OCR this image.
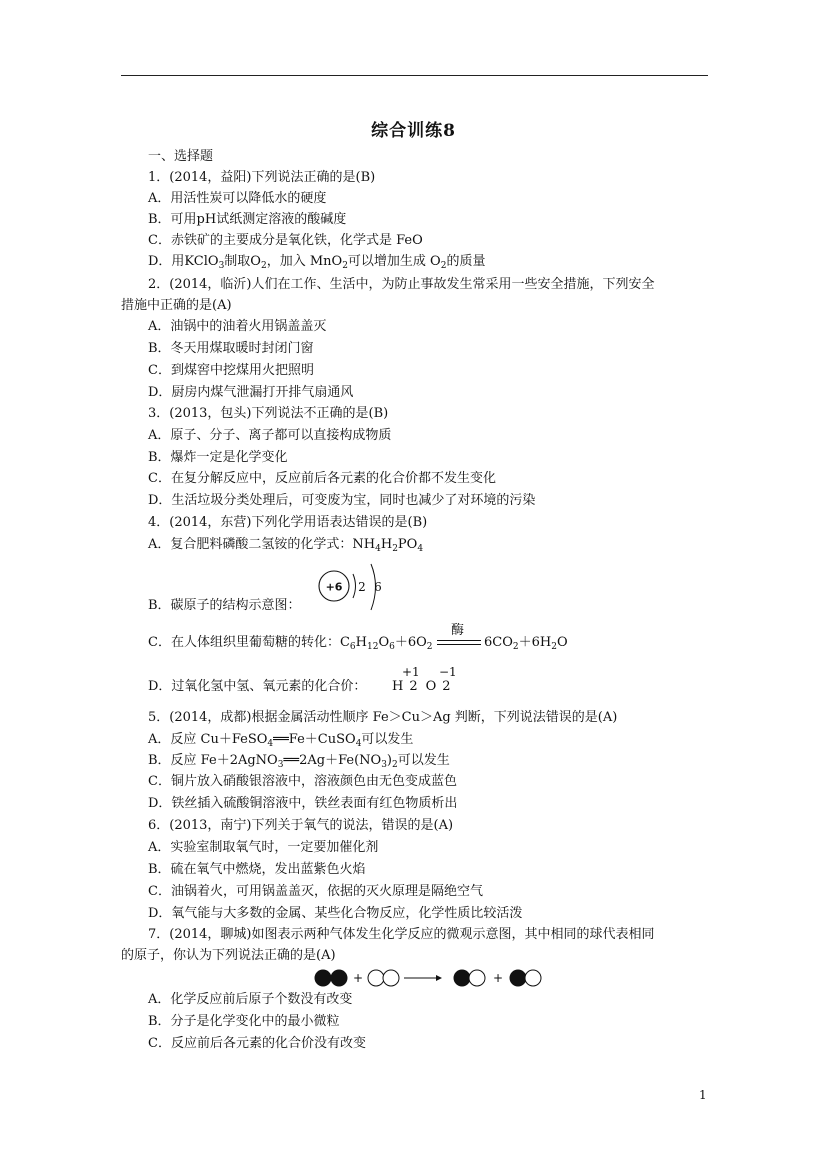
综合训练8
一、选择题
1．(2014，益阳)下列说法正确的是(B)
A．用活性炭可以降低水的硬度
B．可用pH试纸测定溶液的酸碱度
C．赤铁矿的主要成分是氧化铁，化学式是 FeO
D．用KClO$_3$制取$O_2$，加入 MnO$_2$可以增加生成 $O_2$的质量
2．(2014，临沂)人们在工作、生活中，为防止事故发生常采用一些安全措施，下列安全
措施中正确的是(A)
A．油锅中的油着火用锅盖盖灭
B．冬天用煤取暖时封闭门窗
C．到煤窖中挖煤用火把照明
D．厨房内煤气泄漏打开排气扇通风
3．(2013，包头)下列说法不正确的是(B)
A．原子、分子、离子都可以直接构成物质
B．爆炸一定是化学变化
C．在复分解反应中，反应前后各元素的化合价都不发生变化
D．生活垃圾分类处理后，可变废为宝，同时也减少了对环境的污染
4．(2014，东营)下列化学用语表达错误的是(B)
A．复合肥料磷酸二氢铵的化学式：$NH_4H_2PO_4$
B．碳原子的结构示意图：
+6 2 6
C．在人体组织里葡萄糖的转化：$C_6H_{12}O_6+6O_2$
酶
$6CO_2+6H_2O$
D．过氧化氢中氢、氧元素的化合价：
+1 −1
H 2 O 2
5．(2014，成都)根据金属活动性顺序 Fe＞Cu＞Ag 判断，下列说法错误的是(A)
A．反应 Cu＋FeSO$_4$══Fe＋CuSO$_4$可以发生
B．反应 $Fe+2AgNO_3══2Ag+Fe(NO_3)_2$可以发生
C．铜片放入硝酸银溶液中，溶液颜色由无色变成蓝色
D．铁丝插入硫酸铜溶液中，铁丝表面有红色物质析出
6．(2013，南宁)下列关于氧气的说法，错误的是(A)
A．实验室制取氧气时，一定要加催化剂
B．硫在氧气中燃烧，发出蓝紫色火焰
C．油锅着火，可用锅盖盖灭，依据的灭火原理是隔绝空气
D．氧气能与大多数的金属、某些化合物反应，化学性质比较活泼
7．(2014，聊城)如图表示两种气体发生化学反应的微观示意图，其中相同的球代表相同
的原子，你认为下列说法正确的是(A)
+	+
A．化学反应前后原子个数没有改变
B．分子是化学变化中的最小微粒
C．反应前后各元素的化合价没有改变
1
